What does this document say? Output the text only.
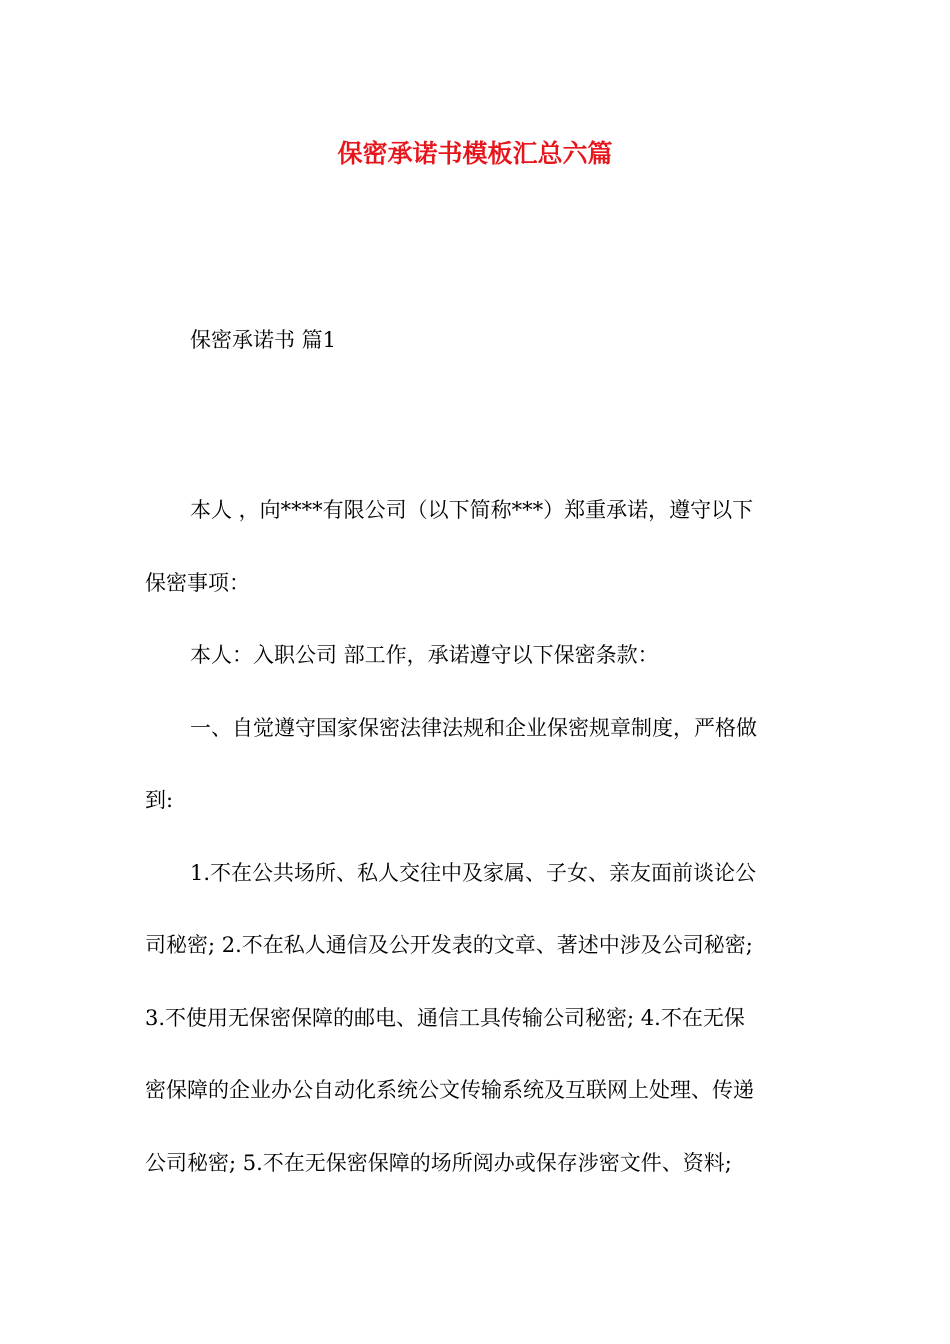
保密承诺书模板汇总六篇
保密承诺书 篇1
本人 ，向****有限公司（以下简称***）郑重承诺，遵守以下
保密事项：
本人：入职公司 部工作，承诺遵守以下保密条款：
一、自觉遵守国家保密法律法规和企业保密规章制度，严格做
到:
1.不在公共场所、私人交往中及家属、子女、亲友面前谈论公
司秘密; 2.不在私人通信及公开发表的文章、著述中涉及公司秘密;
3.不使用无保密保障的邮电、通信工具传输公司秘密; 4.不在无保
密保障的企业办公自动化系统公文传输系统及互联网上处理、传递
公司秘密; 5.不在无保密保障的场所阅办或保存涉密文件、资料;
